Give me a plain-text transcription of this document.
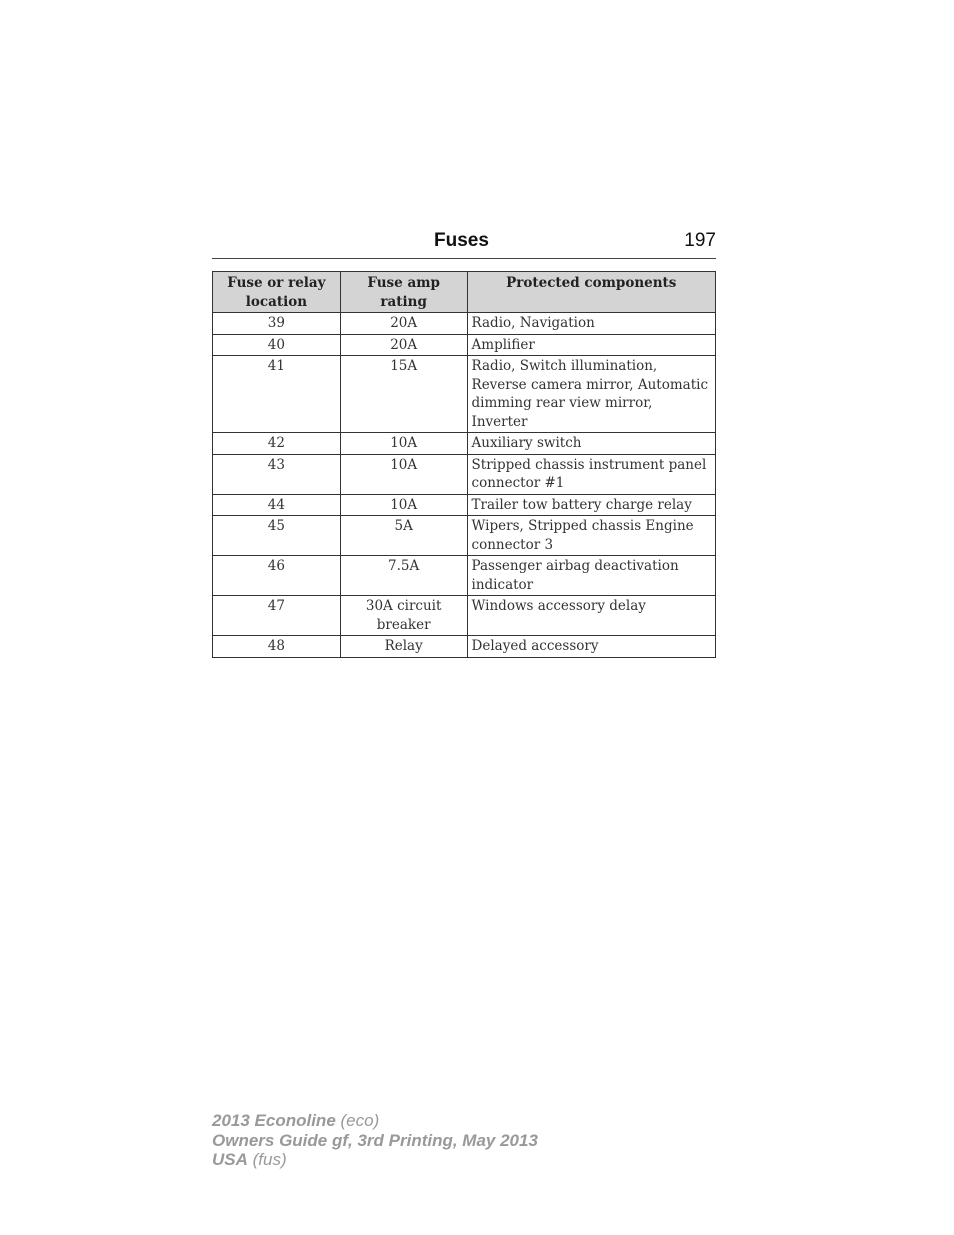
Fuses	197
Fuse or relay location	Fuse amp rating	Protected components
39	20A	Radio, Navigation
40	20A	Amplifier
41	15A	Radio, Switch illumination, Reverse camera mirror, Automatic dimming rear view mirror, Inverter
42	10A	Auxiliary switch
43	10A	Stripped chassis instrument panel connector #1
44	10A	Trailer tow battery charge relay
45	5A	Wipers, Stripped chassis Engine connector 3
46	7.5A	Passenger airbag deactivation indicator
47	30A circuit breaker	Windows accessory delay
48	Relay	Delayed accessory
2013 Econoline (eco)
Owners Guide gf, 3rd Printing, May 2013
USA (fus)
